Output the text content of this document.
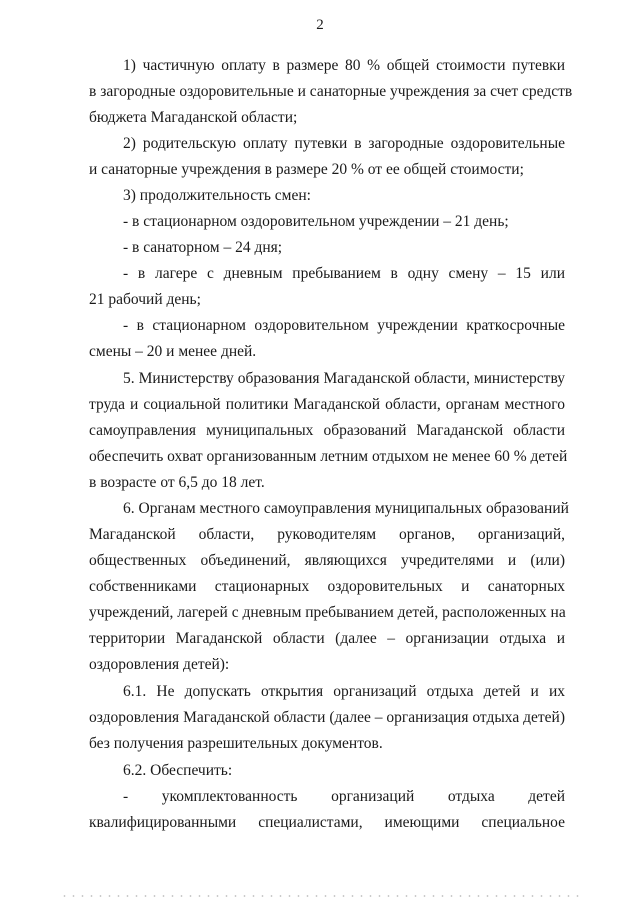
2
1) частичную оплату в размере 80 % общей стоимости путевки
в загородные оздоровительные и санаторные учреждения за счет средств
бюджета Магаданской области;
2) родительскую оплату путевки в загородные оздоровительные
и санаторные учреждения в размере 20 % от ее общей стоимости;
3) продолжительность смен:
- в стационарном оздоровительном учреждении – 21 день;
- в санаторном – 24 дня;
- в лагере с дневным пребыванием в одну смену – 15 или
21 рабочий день;
- в стационарном оздоровительном учреждении краткосрочные
смены – 20 и менее дней.
5. Министерству образования Магаданской области, министерству
труда и социальной политики Магаданской области, органам местного
самоуправления муниципальных образований Магаданской области
обеспечить охват организованным летним отдыхом не менее 60 % детей
в возрасте от 6,5 до 18 лет.
6. Органам местного самоуправления муниципальных образований
Магаданской области, руководителям органов, организаций,
общественных объединений, являющихся учредителями и (или)
собственниками стационарных оздоровительных и санаторных
учреждений, лагерей с дневным пребыванием детей, расположенных на
территории Магаданской области (далее – организации отдыха и
оздоровления детей):
6.1. Не допускать открытия организаций отдыха детей и их
оздоровления Магаданской области (далее – организация отдыха детей)
без получения разрешительных документов.
6.2. Обеспечить:
- укомплектованность организаций отдыха детей
квалифицированными специалистами, имеющими специальное
